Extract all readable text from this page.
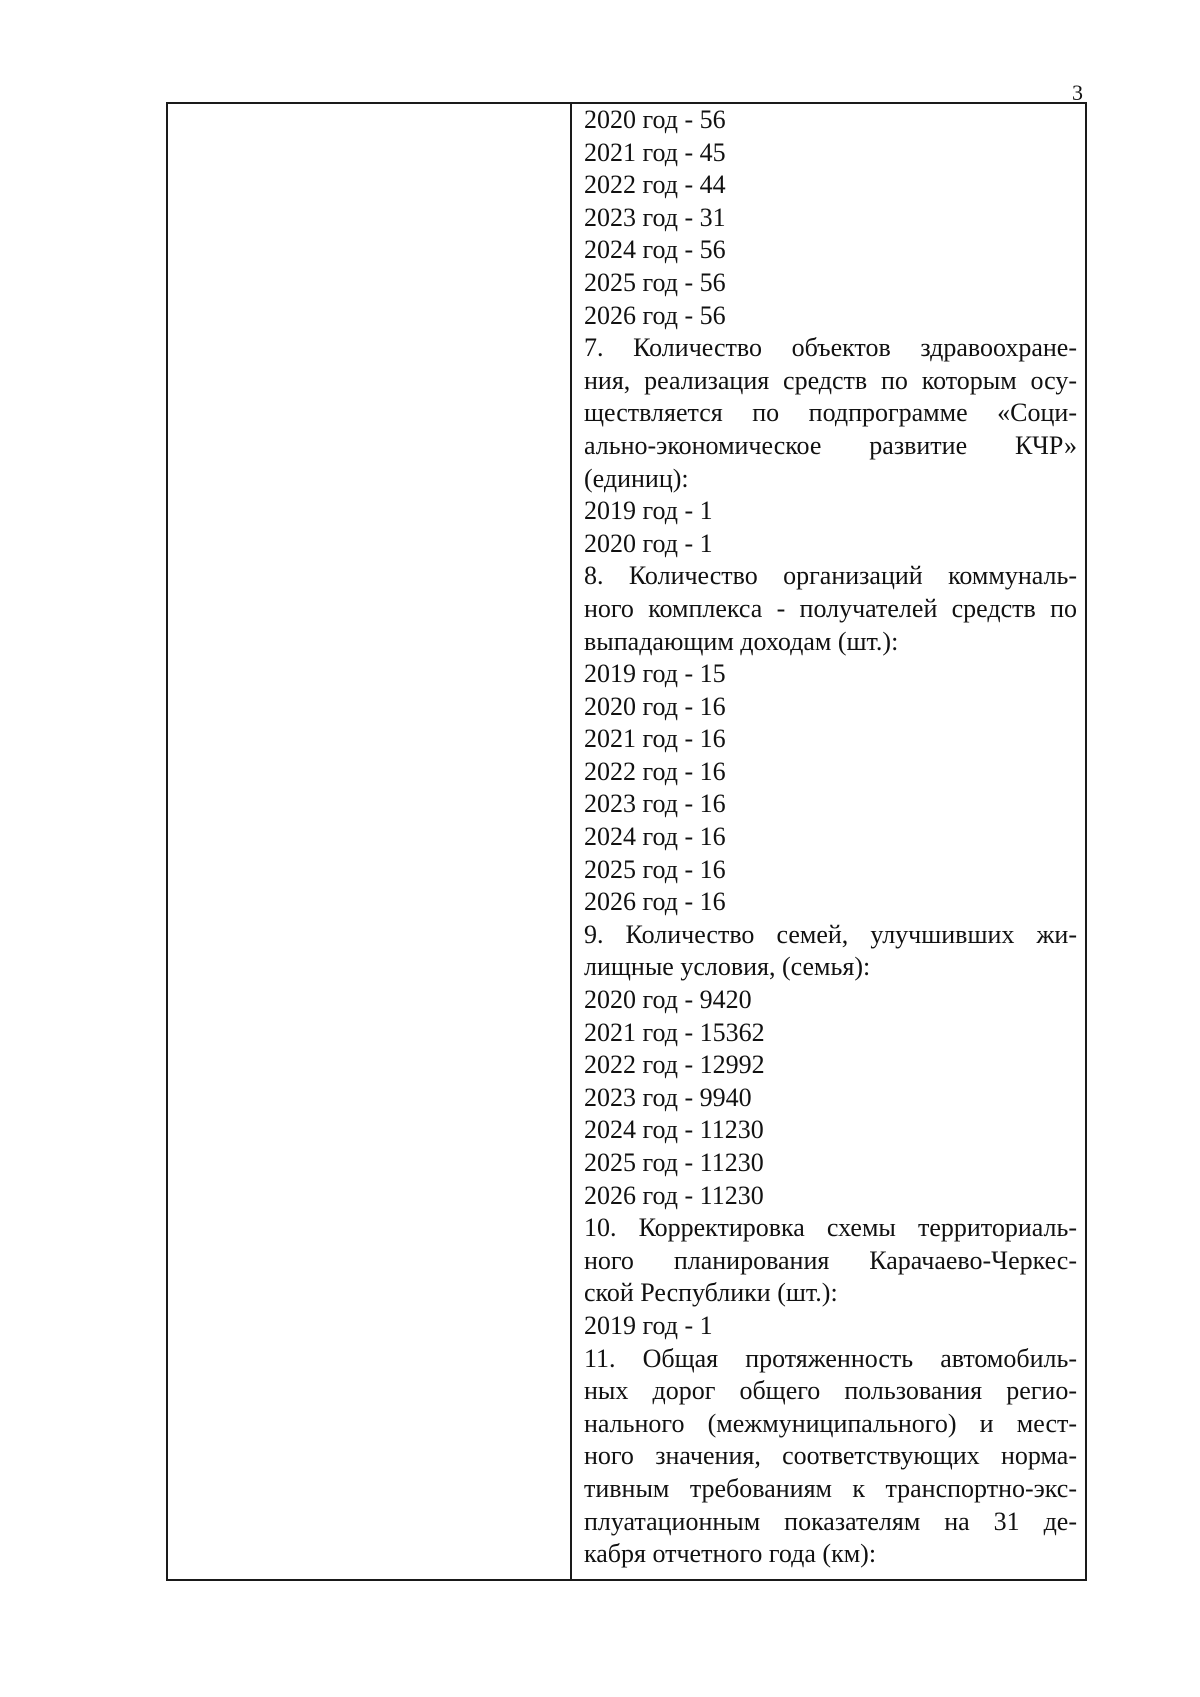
3
2020 год - 56
2021 год - 45
2022 год - 44
2023 год - 31
2024 год - 56
2025 год - 56
2026 год - 56
7. Количество объектов здравоохране-
ния, реализация средств по которым осу-
ществляется по подпрограмме «Соци-
ально-экономическое развитие КЧР»
(единиц):
2019 год - 1
2020 год - 1
8. Количество организаций коммуналь-
ного комплекса - получателей средств по
выпадающим доходам (шт.):
2019 год - 15
2020 год - 16
2021 год - 16
2022 год - 16
2023 год - 16
2024 год - 16
2025 год - 16
2026 год - 16
9. Количество семей, улучшивших жи-
лищные условия, (семья):
2020 год - 9420
2021 год - 15362
2022 год - 12992
2023 год - 9940
2024 год - 11230
2025 год - 11230
2026 год - 11230
10. Корректировка схемы территориаль-
ного планирования Карачаево-Черкес-
ской Республики (шт.):
2019 год - 1
11. Общая протяженность автомобиль-
ных дорог общего пользования регио-
нального (межмуниципального) и мест-
ного значения, соответствующих норма-
тивным требованиям к транспортно-экс-
плуатационным показателям на 31 де-
кабря отчетного года (км):
